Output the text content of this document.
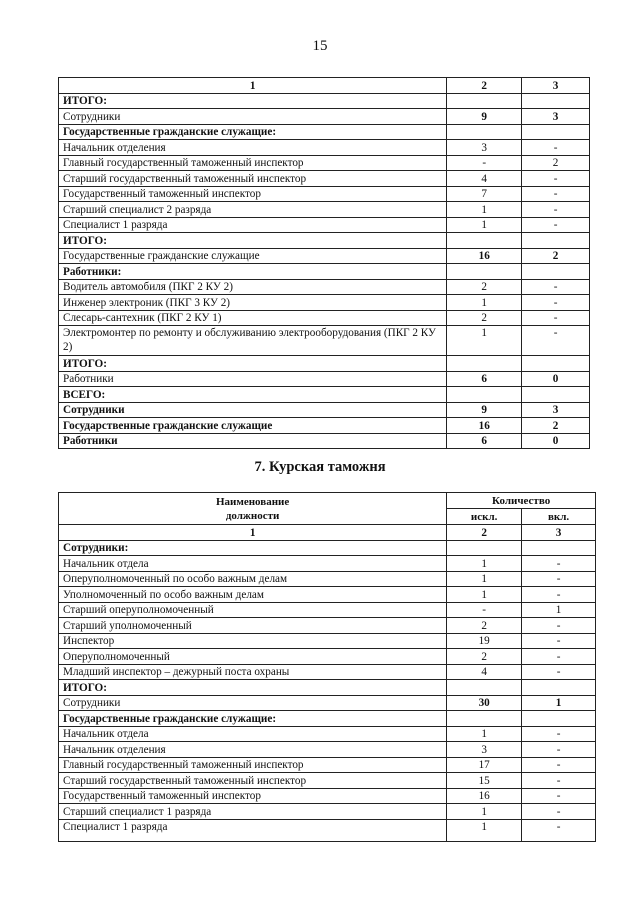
15
1	2	3
ИТОГО:		
Сотрудники	9	3
Государственные гражданские служащие:		
Начальник отделения	3	-
Главный государственный таможенный инспектор	-	2
Старший государственный таможенный инспектор	4	-
Государственный таможенный инспектор	7	-
Старший специалист 2 разряда	1	-
Специалист 1 разряда	1	-
ИТОГО:		
Государственные гражданские служащие	16	2
Работники:		
Водитель автомобиля (ПКГ 2 КУ 2)	2	-
Инженер электроник (ПКГ 3 КУ 2)	1	-
Слесарь-сантехник (ПКГ 2 КУ 1)	2	-
Электромонтер по ремонту и обслуживанию электрооборудования (ПКГ 2 КУ 2)	1	-
ИТОГО:		
Работники	6	0
ВСЕГО:		
Сотрудники	9	3
Государственные гражданские служащие	16	2
Работники	6	0
7. Курская таможня
Наименование
должности	Количество	
	искл.	вкл.
1	2	3
Сотрудники:		
Начальник отдела	1	-
Оперуполномоченный по особо важным делам	1	-
Уполномоченный по особо важным делам	1	-
Старший оперуполномоченный	-	1
Старший уполномоченный	2	-
Инспектор	19	-
Оперуполномоченный	2	-
Младший инспектор – дежурный поста охраны	4	-
ИТОГО:		
Сотрудники	30	1
Государственные гражданские служащие:		
Начальник отдела	1	-
Начальник отделения	3	-
Главный государственный таможенный инспектор	17	-
Старший государственный таможенный инспектор	15	-
Государственный таможенный инспектор	16	-
Старший специалист 1 разряда	1	-
Специалист 1 разряда	1	-
